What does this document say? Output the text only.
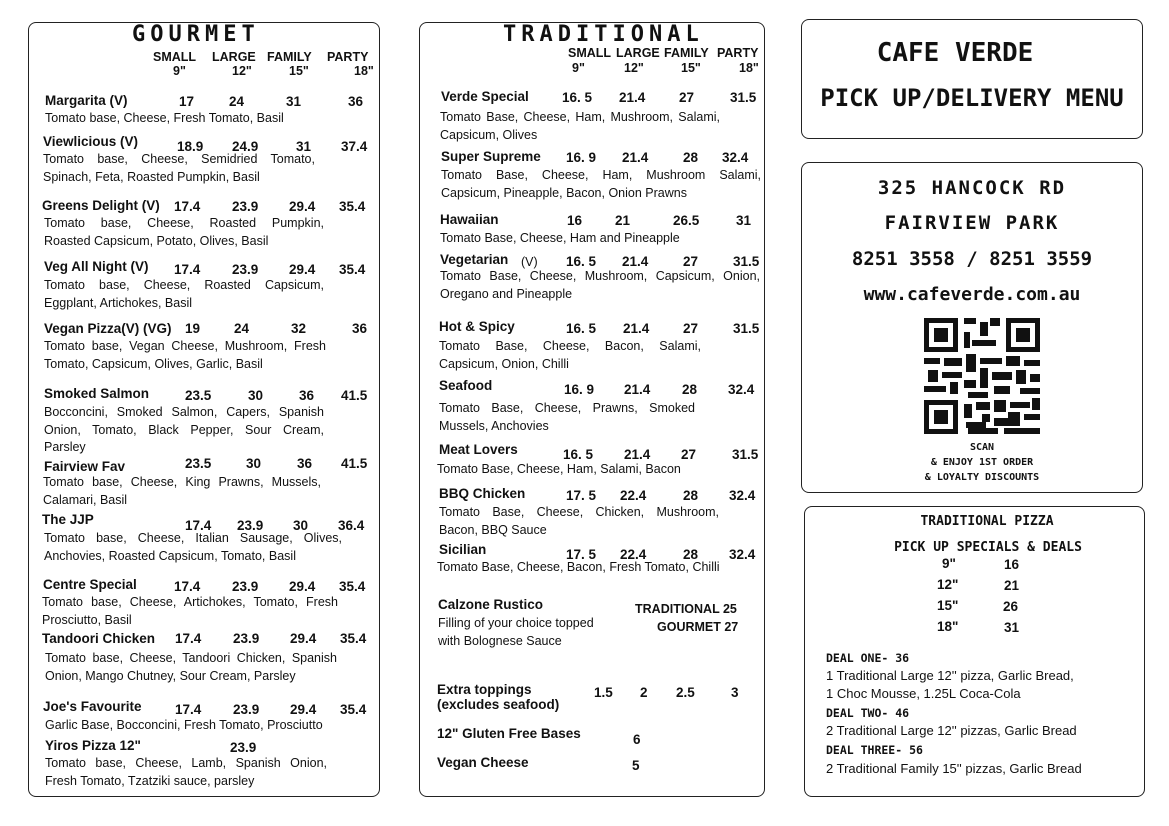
GOURMET
SMALL LARGE FAMILY PARTY
9"	12"	15"	18"
Margarita (V)	17	24	31	36
Tomato base, Cheese, Fresh Tomato, Basil
Viewlicious (V)	18.9 24.9	31 37.4
Tomato base, Cheese, Semidried Tomato, Spinach, Feta, Roasted Pumpkin, Basil
Greens Delight (V) 17.4 23.9 29.4 35.4
Tomato base, Cheese, Roasted Pumpkin, Roasted Capsicum, Potato, Olives, Basil
Veg All Night (V) 17.4 23.9 29.4 35.4
Tomato base, Cheese, Roasted Capsicum, Eggplant, Artichokes, Basil
Vegan Pizza(V) (VG) 19	24	32	36
Tomato base, Vegan Cheese, Mushroom, Fresh Tomato, Capsicum, Olives, Garlic, Basil
Smoked Salmon	23.5	30	36 41.5
Bocconcini, Smoked Salmon, Capers, Spanish Onion, Tomato, Black Pepper, Sour Cream, Parsley
Fairview Fav	23.5	30	36 41.5
Tomato base, Cheese, King Prawns, Mussels, Calamari, Basil
The JJP	17.4 23.9 30 36.4
Tomato base, Cheese, Italian Sausage, Olives, Anchovies, Roasted Capsicum, Tomato, Basil
Centre Special	17.4 23.9 29.4 35.4
Tomato base, Cheese, Artichokes, Tomato, Fresh Prosciutto, Basil
Tandoori Chicken 17.4 23.9 29.4 35.4
Tomato base, Cheese, Tandoori Chicken, Spanish Onion, Mango Chutney, Sour Cream, Parsley
Joe's Favourite 17.4 23.9 29.4 35.4
Garlic Base, Bocconcini, Fresh Tomato, Prosciutto
Yiros Pizza 12"	23.9
Tomato base, Cheese, Lamb, Spanish Onion, Fresh Tomato, Tzatziki sauce, parsley
TRADITIONAL
SMALL LARGE FAMILY PARTY
9"	12"	15"	18"
Verde Special 16. 5 21.4 27	31.5
Tomato Base, Cheese, Ham, Mushroom, Salami, Capsicum, Olives
Super Supreme 16. 9 21.4	28 32.4
Tomato Base, Cheese, Ham, Mushroom Salami, Capsicum, Pineapple, Bacon, Onion Prawns
Hawaiian	16 21	26.5	31
Tomato Base, Cheese, Ham and Pineapple
Vegetarian (V) 16. 5 21.4	27	31.5
Tomato Base, Cheese, Mushroom, Capsicum, Onion, Oregano and Pineapple
Hot & Spicy	16. 5 21.4 27	31.5
Tomato Base, Cheese, Bacon, Salami, Capsicum, Onion, Chilli
Seafood	16. 9 21.4 28 32.4
Tomato Base, Cheese, Prawns, Smoked Mussels, Anchovies
Meat Lovers	16. 5 21.4 27	31.5
Tomato Base, Cheese, Ham, Salami, Bacon
BBQ Chicken	17. 5 22.4	28 32.4
Tomato Base, Cheese, Chicken, Mushroom, Bacon, BBQ Sauce
Sicilian	17. 5 22.4	28 32.4
Tomato Base, Cheese, Bacon, Fresh Tomato, Chilli
Calzone Rustico
Filling of your choice topped with Bolognese Sauce
TRADITIONAL 25
GOURMET 27
Extra toppings
(excludes seafood)
1.5 2 2.5	3
12" Gluten Free Bases	6
Vegan Cheese	5
CAFE VERDE
PICK UP/DELIVERY MENU
325 HANCOCK RD
FAIRVIEW PARK
8251 3558 / 8251 3559
www.cafeverde.com.au
SCAN
& ENJOY 1ST ORDER
& LOYALTY DISCOUNTS
TRADITIONAL PIZZA
PICK UP SPECIALS & DEALS
9"	16
12"	21
15"	26
18"	31
DEAL ONE- 36
1 Traditional Large 12'' pizza, Garlic Bread,
1 Choc Mousse, 1.25L Coca-Cola
DEAL TWO- 46
2 Traditional Large 12'' pizzas, Garlic Bread
DEAL THREE- 56
2 Traditional Family 15'' pizzas, Garlic Bread
